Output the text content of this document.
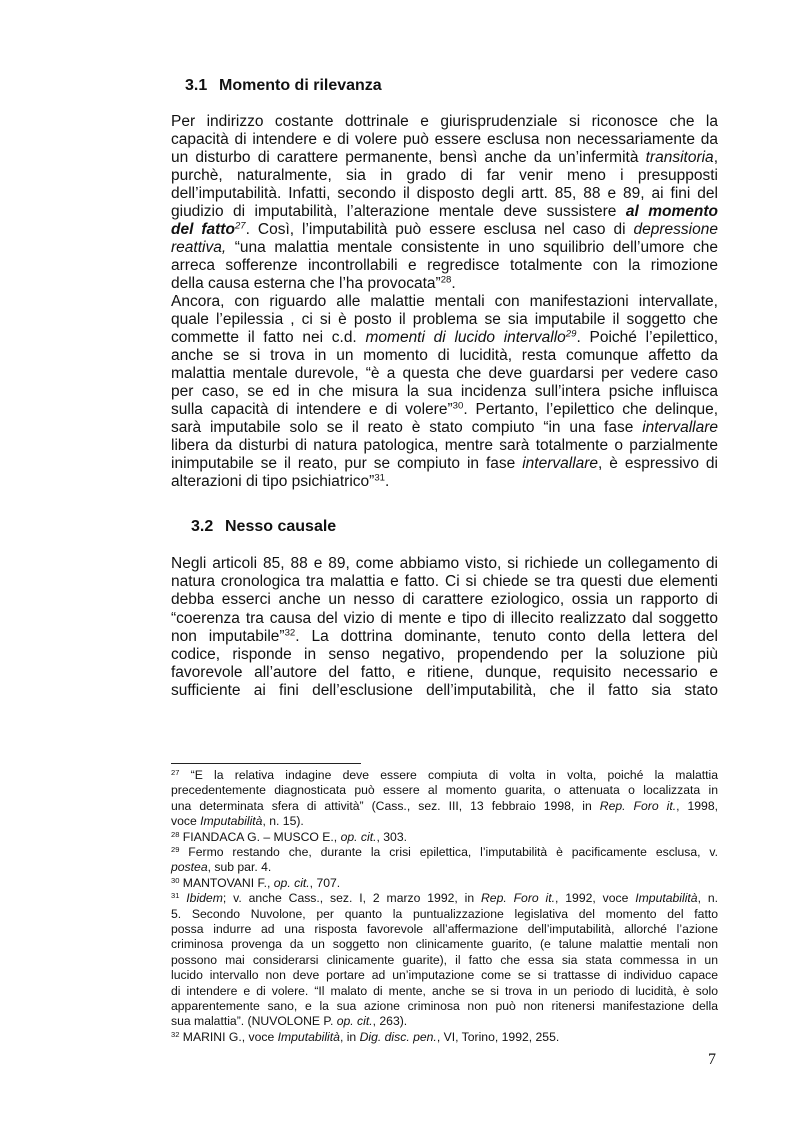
3.1 Momento di rilevanza
Per indirizzo costante dottrinale e giurisprudenziale si riconosce che la
capacità di intendere e di volere può essere esclusa non necessariamente da
un disturbo di carattere permanente, bensì anche da un’infermità transitoria,
purchè, naturalmente, sia in grado di far venir meno i presupposti
dell’imputabilità. Infatti, secondo il disposto degli artt. 85, 88 e 89, ai fini del
giudizio di imputabilità, l’alterazione mentale deve sussistere al momento
del fatto$^{27}$. Così, l’imputabilità può essere esclusa nel caso di depressione
reattiva, “una malattia mentale consistente in uno squilibrio dell’umore che
arreca sofferenze incontrollabili e regredisce totalmente con la rimozione
della causa esterna che l’ha provocata”$^{28}$.
Ancora, con riguardo alle malattie mentali con manifestazioni intervallate,
quale l’epilessia , ci si è posto il problema se sia imputabile il soggetto che
commette il fatto nei c.d. momenti di lucido intervallo$^{29}$. Poiché l’epilettico,
anche se si trova in un momento di lucidità, resta comunque affetto da
malattia mentale durevole, “è a questa che deve guardarsi per vedere caso
per caso, se ed in che misura la sua incidenza sull’intera psiche influisca
sulla capacità di intendere e di volere”$^{30}$. Pertanto, l’epilettico che delinque,
sarà imputabile solo se il reato è stato compiuto “in una fase intervallare
libera da disturbi di natura patologica, mentre sarà totalmente o parzialmente
inimputabile se il reato, pur se compiuto in fase intervallare, è espressivo di
alterazioni di tipo psichiatrico”$^{31}$.
3.2 Nesso causale
Negli articoli 85, 88 e 89, come abbiamo visto, si richiede un collegamento di
natura cronologica tra malattia e fatto. Ci si chiede se tra questi due elementi
debba esserci anche un nesso di carattere eziologico, ossia un rapporto di
“coerenza tra causa del vizio di mente e tipo di illecito realizzato dal soggetto
non imputabile”$^{32}$. La dottrina dominante, tenuto conto della lettera del
codice, risponde in senso negativo, propendendo per la soluzione più
favorevole all’autore del fatto, e ritiene, dunque, requisito necessario e
sufficiente ai fini dell’esclusione dell’imputabilità, che il fatto sia stato
$^{27}$ “E la relativa indagine deve essere compiuta di volta in volta, poiché la malattia
precedentemente diagnosticata può essere al momento guarita, o attenuata o localizzata in
una determinata sfera di attività” (Cass., sez. III, 13 febbraio 1998, in Rep. Foro it., 1998,
voce Imputabilità, n. 15).
$^{28}$ FIANDACA G. – MUSCO E., op. cit., 303.
$^{29}$ Fermo restando che, durante la crisi epilettica, l’imputabilità è pacificamente esclusa, v.
postea, sub par. 4.
$^{30}$ MANTOVANI F., op. cit., 707.
$^{31}$ Ibidem; v. anche Cass., sez. I, 2 marzo 1992, in Rep. Foro it., 1992, voce Imputabilità, n.
5. Secondo Nuvolone, per quanto la puntualizzazione legislativa del momento del fatto
possa indurre ad una risposta favorevole all’affermazione dell’imputabilità, allorché l’azione
criminosa provenga da un soggetto non clinicamente guarito, (e talune malattie mentali non
possono mai considerarsi clinicamente guarite), il fatto che essa sia stata commessa in un
lucido intervallo non deve portare ad un’imputazione come se si trattasse di individuo capace
di intendere e di volere. “Il malato di mente, anche se si trova in un periodo di lucidità, è solo
apparentemente sano, e la sua azione criminosa non può non ritenersi manifestazione della
sua malattia”. (NUVOLONE P. op. cit., 263).
$^{32}$ MARINI G., voce Imputabilità, in Dig. disc. pen., VI, Torino, 1992, 255.
7
